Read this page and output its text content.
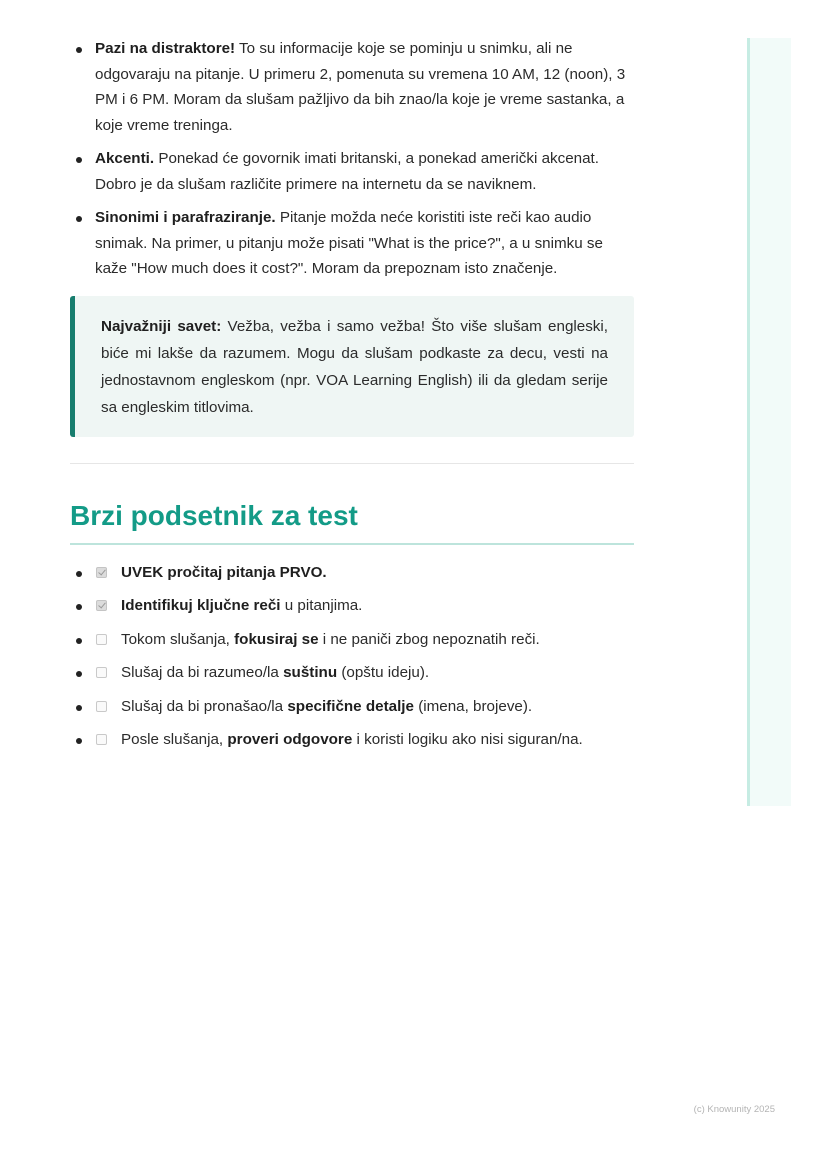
Pazi na distraktore! To su informacije koje se pominju u snimku, ali ne odgovaraju na pitanje. U primeru 2, pomenuta su vremena 10 AM, 12 (noon), 3 PM i 6 PM. Moram da slušam pažljivo da bih znao/la koje je vreme sastanka, a koje vreme treninga.
Akcenti. Ponekad će govornik imati britanski, a ponekad američki akcenat. Dobro je da slušam različite primere na internetu da se naviknem.
Sinonimi i parafraziranje. Pitanje možda neće koristiti iste reči kao audio snimak. Na primer, u pitanju može pisati "What is the price?", a u snimku se kaže "How much does it cost?". Moram da prepoznam isto značenje.
Najvažniji savet: Vežba, vežba i samo vežba! Što više slušam engleski, biće mi lakše da razumem. Mogu da slušam podkaste za decu, vesti na jednostavnom engleskom (npr. VOA Learning English) ili da gledam serije sa engleskim titlovima.
Brzi podsetnik za test
UVEK pročitaj pitanja PRVO.
Identifikuj ključne reči u pitanjima.
Tokom slušanja, fokusiraj se i ne paniči zbog nepoznatih reči.
Slušaj da bi razumeo/la suštinu (opštu ideju).
Slušaj da bi pronašao/la specifične detalje (imena, brojeve).
Posle slušanja, proveri odgovore i koristi logiku ako nisi siguran/na.
(c) Knowunity 2025
